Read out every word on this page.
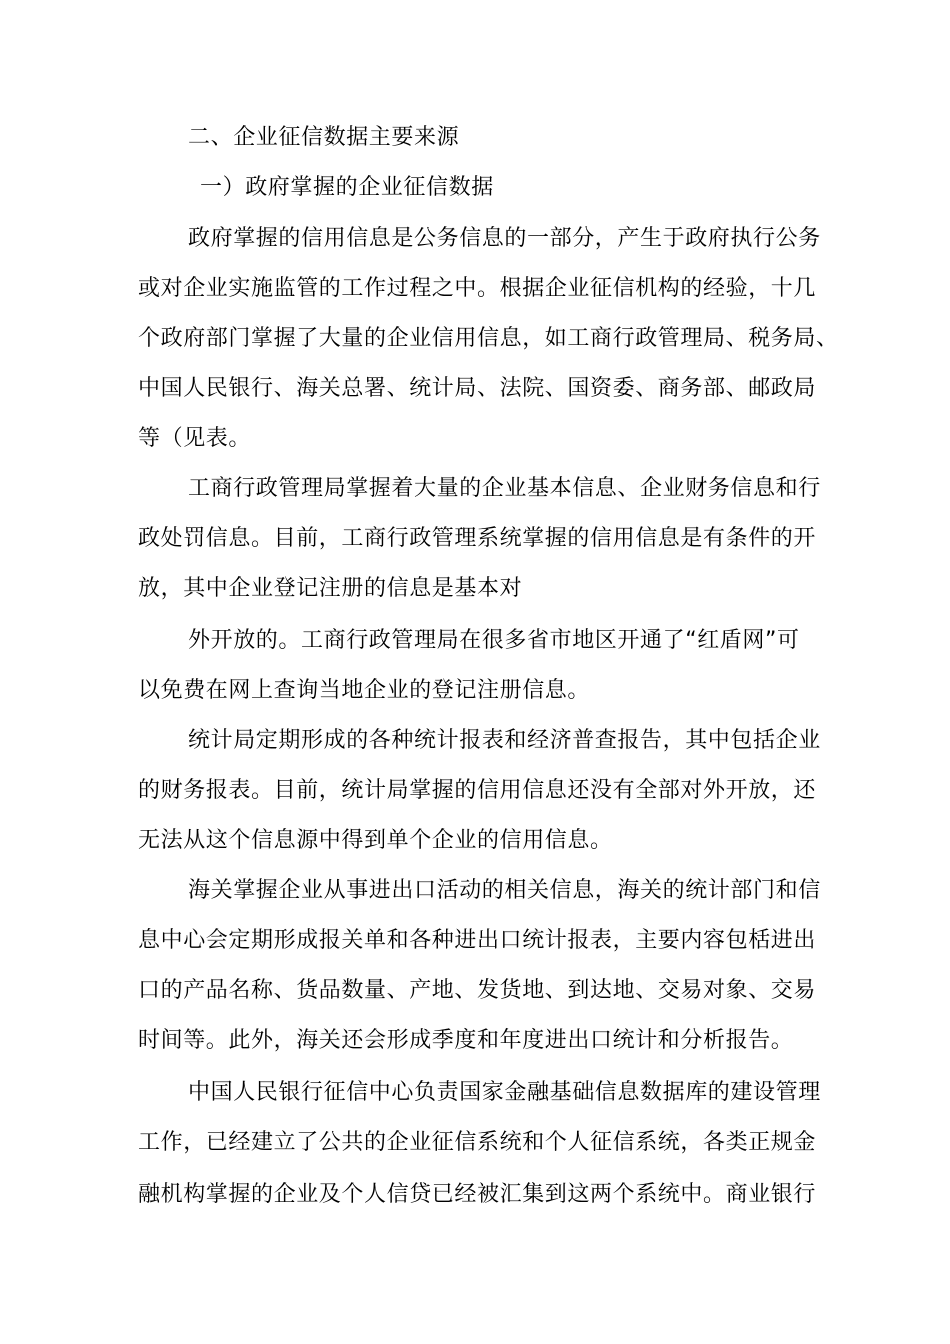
二、企业征信数据主要来源
一）政府掌握的企业征信数据
政府掌握的信用信息是公务信息的一部分，产生于政府执行公务
或对企业实施监管的工作过程之中。根据企业征信机构的经验，十几
个政府部门掌握了大量的企业信用信息，如工商行政管理局、税务局、
中国人民银行、海关总署、统计局、法院、国资委、商务部、邮政局
等（见表。
工商行政管理局掌握着大量的企业基本信息、企业财务信息和行
政处罚信息。目前，工商行政管理系统掌握的信用信息是有条件的开
放，其中企业登记注册的信息是基本对
外开放的。工商行政管理局在很多省市地区开通了“红盾网”可
以免费在网上查询当地企业的登记注册信息。
统计局定期形成的各种统计报表和经济普查报告，其中包括企业
的财务报表。目前，统计局掌握的信用信息还没有全部对外开放，还
无法从这个信息源中得到单个企业的信用信息。
海关掌握企业从事进出口活动的相关信息，海关的统计部门和信
息中心会定期形成报关单和各种进出口统计报表，主要内容包栝进出
口的产品名称、货品数量、产地、发货地、到达地、交易对象、交易
时间等。此外，海关还会形成季度和年度进出口统计和分析报告。
中国人民银行征信中心负责国家金融基础信息数据库的建设管理
工作，已经建立了公共的企业征信系统和个人征信系统，各类正规金
融机构掌握的企业及个人信贷已经被汇集到这两个系统中。商业银行
